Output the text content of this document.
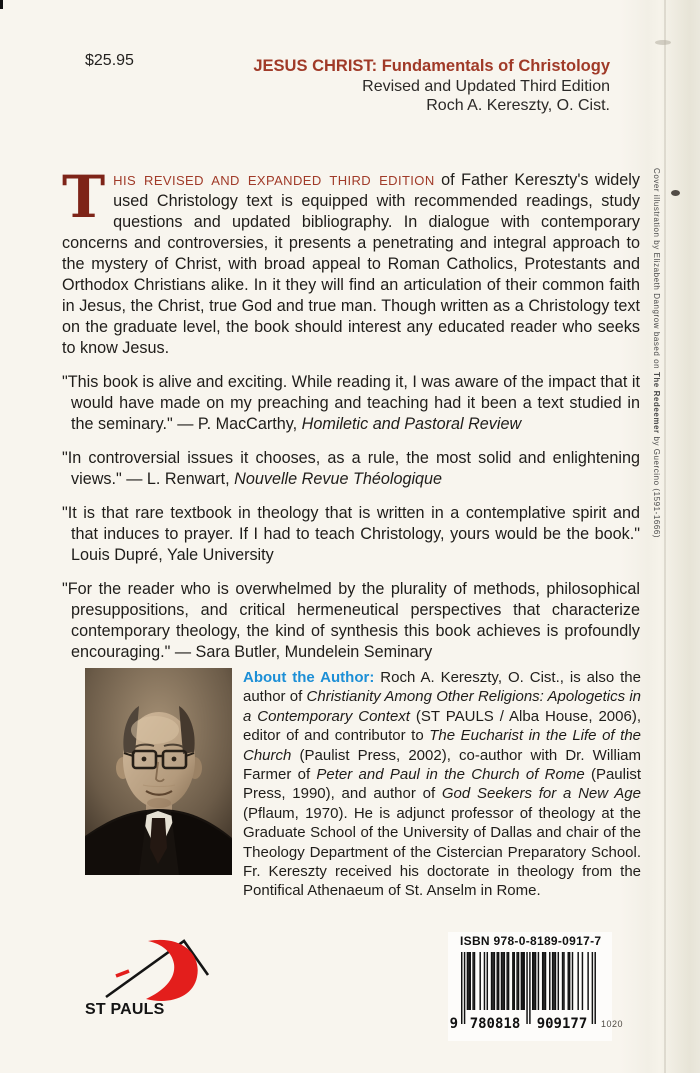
$25.95	JESUS CHRIST: Fundamentals of Christology
Revised and Updated Third Edition
Roch A. Kereszty, O. Cist.

THIS REVISED AND EXPANDED THIRD EDITION of Father Kereszty's widely used Christology text is equipped with recommended readings, study questions and updated bibliography. In dialogue with contemporary concerns and controversies, it presents a penetrating and integral approach to the mystery of Christ, with broad appeal to Roman Catholics, Protestants and Orthodox Christians alike. In it they will find an articulation of their common faith in Jesus, the Christ, true God and true man. Though written as a Christology text on the graduate level, the book should interest any educated reader who seeks to know Jesus.

"This book is alive and exciting. While reading it, I was aware of the impact that it would have made on my preaching and teaching had it been a text studied in the seminary." — P. MacCarthy, Homiletic and Pastoral Review

"In controversial issues it chooses, as a rule, the most solid and enlightening views." — L. Renwart, Nouvelle Revue Théologique

"It is that rare textbook in theology that is written in a contemplative spirit and that induces to prayer. If I had to teach Christology, yours would be the book." Louis Dupré, Yale University

"For the reader who is overwhelmed by the plurality of methods, philosophical presuppositions, and critical hermeneutical perspectives that characterize contemporary theology, the kind of synthesis this book achieves is profoundly encouraging." — Sara Butler, Mundelein Seminary

About the Author: Roch A. Kereszty, O. Cist., is also the author of Christianity Among Other Religions: Apologetics in a Contemporary Context (ST PAULS / Alba House, 2006), editor of and contributor to The Eucharist in the Life of the Church (Paulist Press, 2002), co-author with Dr. William Farmer of Peter and Paul in the Church of Rome (Paulist Press, 1990), and author of God Seekers for a New Age (Pflaum, 1970). He is adjunct professor of theology at the Graduate School of the University of Dallas and chair of the Theology Department of the Cistercian Preparatory School. Fr. Kereszty received his doctorate in theology from the Pontifical Athenaeum of St. Anselm in Rome.
Cover illustration by Elizabeth Dangrow based on The Redeemer by Guercino (1591-1666)
ST PAULS
ISBN 978-0-8189-0917-7
9 780818 909177 1020
